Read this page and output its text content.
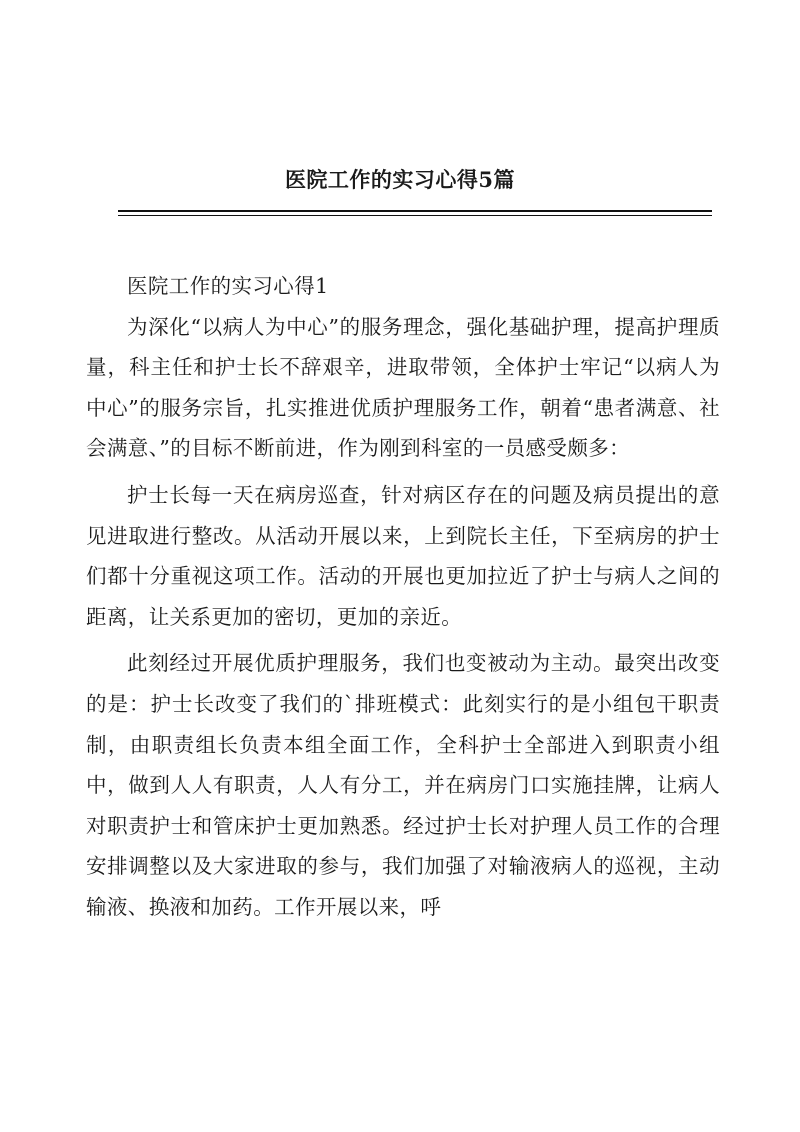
医院工作的实习心得5篇

医院工作的实习心得1

为深化“以病人为中心”的服务理念，强化基础护理，提高护理质量，科主任和护士长不辞艰辛，进取带领，全体护士牢记“以病人为中心”的服务宗旨，扎实推进优质护理服务工作，朝着“患者满意、社会满意、”的目标不断前进，作为刚到科室的一员感受颇多：

护士长每一天在病房巡查，针对病区存在的问题及病员提出的意见进取进行整改。从活动开展以来，上到院长主任，下至病房的护士们都十分重视这项工作。活动的开展也更加拉近了护士与病人之间的距离，让关系更加的密切，更加的亲近。

此刻经过开展优质护理服务，我们也变被动为主动。最突出改变的是：护士长改变了我们的`排班模式：此刻实行的是小组包干职责制，由职责组长负责本组全面工作，全科护士全部进入到职责小组中，做到人人有职责，人人有分工，并在病房门口实施挂牌，让病人对职责护士和管床护士更加熟悉。经过护士长对护理人员工作的合理安排调整以及大家进取的参与，我们加强了对输液病人的巡视，主动输液、换液和加药。工作开展以来，呼
